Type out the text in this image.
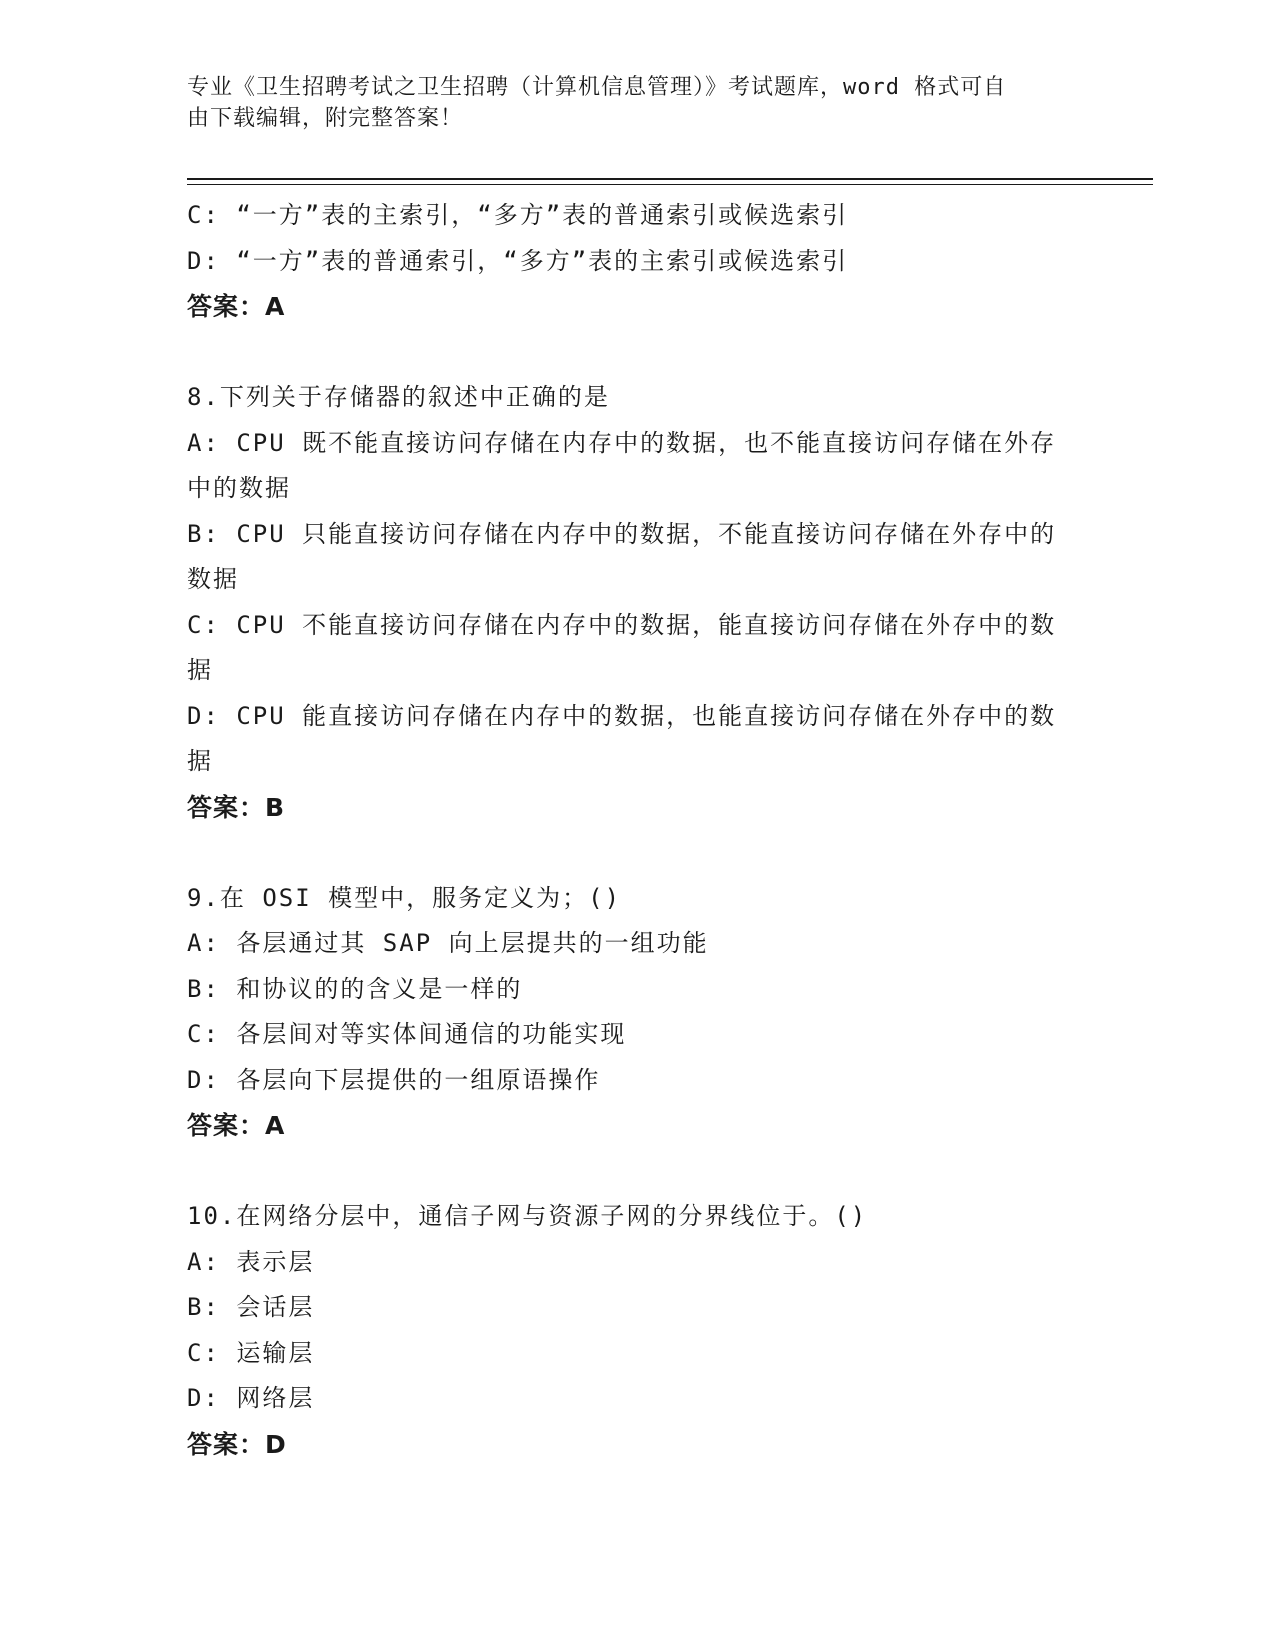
专业《卫生招聘考试之卫生招聘（计算机信息管理）》考试题库，word 格式可自
由下载编辑，附完整答案！
C: “一方”表的主索引，“多方”表的普通索引或候选索引
D: “一方”表的普通索引，“多方”表的主索引或候选索引
答案：A
8.下列关于存储器的叙述中正确的是
A: CPU 既不能直接访问存储在内存中的数据，也不能直接访问存储在外存中的数据
B: CPU 只能直接访问存储在内存中的数据，不能直接访问存储在外存中的数据
C: CPU 不能直接访问存储在内存中的数据，能直接访问存储在外存中的数据
D: CPU 能直接访问存储在内存中的数据，也能直接访问存储在外存中的数据
答案：B
9.在 OSI 模型中，服务定义为；()
A: 各层通过其 SAP 向上层提共的一组功能
B: 和协议的的含义是一样的
C: 各层间对等实体间通信的功能实现
D: 各层向下层提供的一组原语操作
答案：A
10.在网络分层中，通信子网与资源子网的分界线位于。()
A: 表示层
B: 会话层
C: 运输层
D: 网络层
答案：D
